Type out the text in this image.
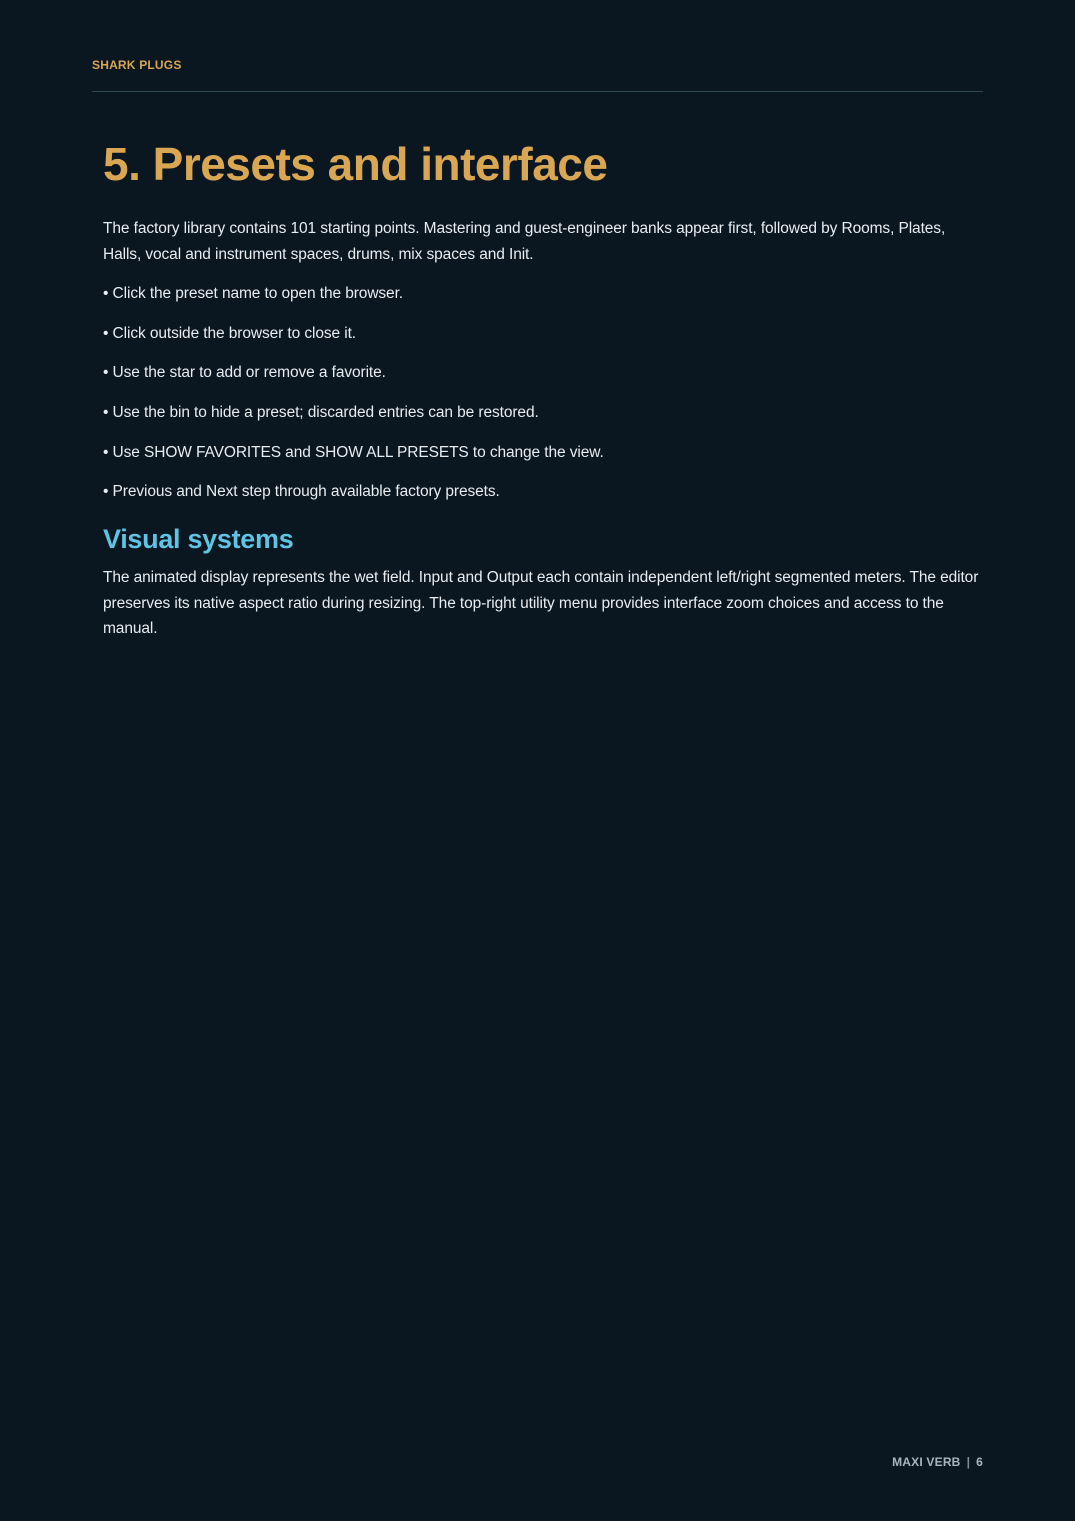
SHARK PLUGS
5. Presets and interface

The factory library contains 101 starting points. Mastering and guest-engineer banks appear first, followed by Rooms, Plates, Halls, vocal and instrument spaces, drums, mix spaces and Init.

• Click the preset name to open the browser.
• Click outside the browser to close it.
• Use the star to add or remove a favorite.
• Use the bin to hide a preset; discarded entries can be restored.
• Use SHOW FAVORITES and SHOW ALL PRESETS to change the view.
• Previous and Next step through available factory presets.
Visual systems

The animated display represents the wet field. Input and Output each contain independent left/right segmented meters. The editor preserves its native aspect ratio during resizing. The top-right utility menu provides interface zoom choices and access to the manual.

MAXI VERB | 6
